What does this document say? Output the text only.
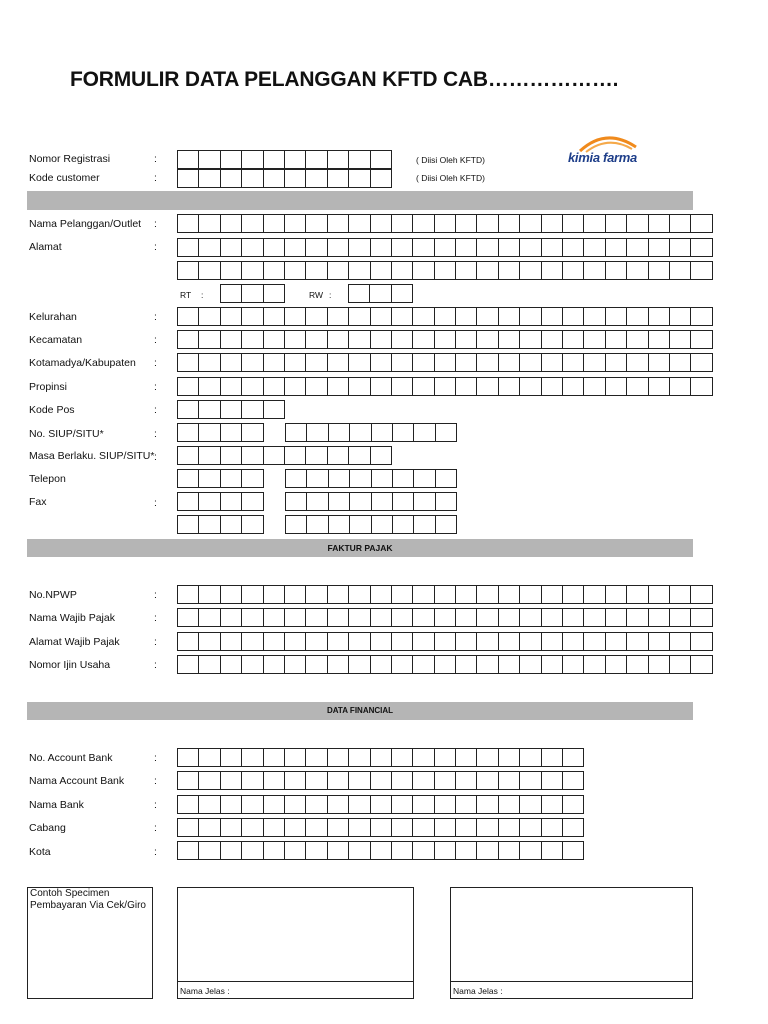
FORMULIR DATA PELANGGAN KFTD CAB……………….
kimia farma
Nomor Registrasi	:	( Diisi Oleh KFTD)
Kode customer	:	( Diisi Oleh KFTD)
Nama Pelanggan/Outlet :
Alamat	:
RT :	RW :
Kelurahan	:
Kecamatan	:
Kotamadya/Kabupaten :
Propinsi	:
Kode Pos	:
No. SIUP/SITU*	:
Masa Berlaku. SIUP/SITU* :
Telepon
Fax	:
FAKTUR PAJAK
No.NPWP	:
Nama Wajib Pajak	:
Alamat Wajib Pajak	:
Nomor Ijin Usaha	:
DATA FINANCIAL
No. Account Bank	:
Nama Account Bank	:
Nama Bank	:
Cabang	:
Kota	:
Contoh Specimen
Pembayaran Via Cek/Giro
Nama Jelas :	Nama Jelas :
